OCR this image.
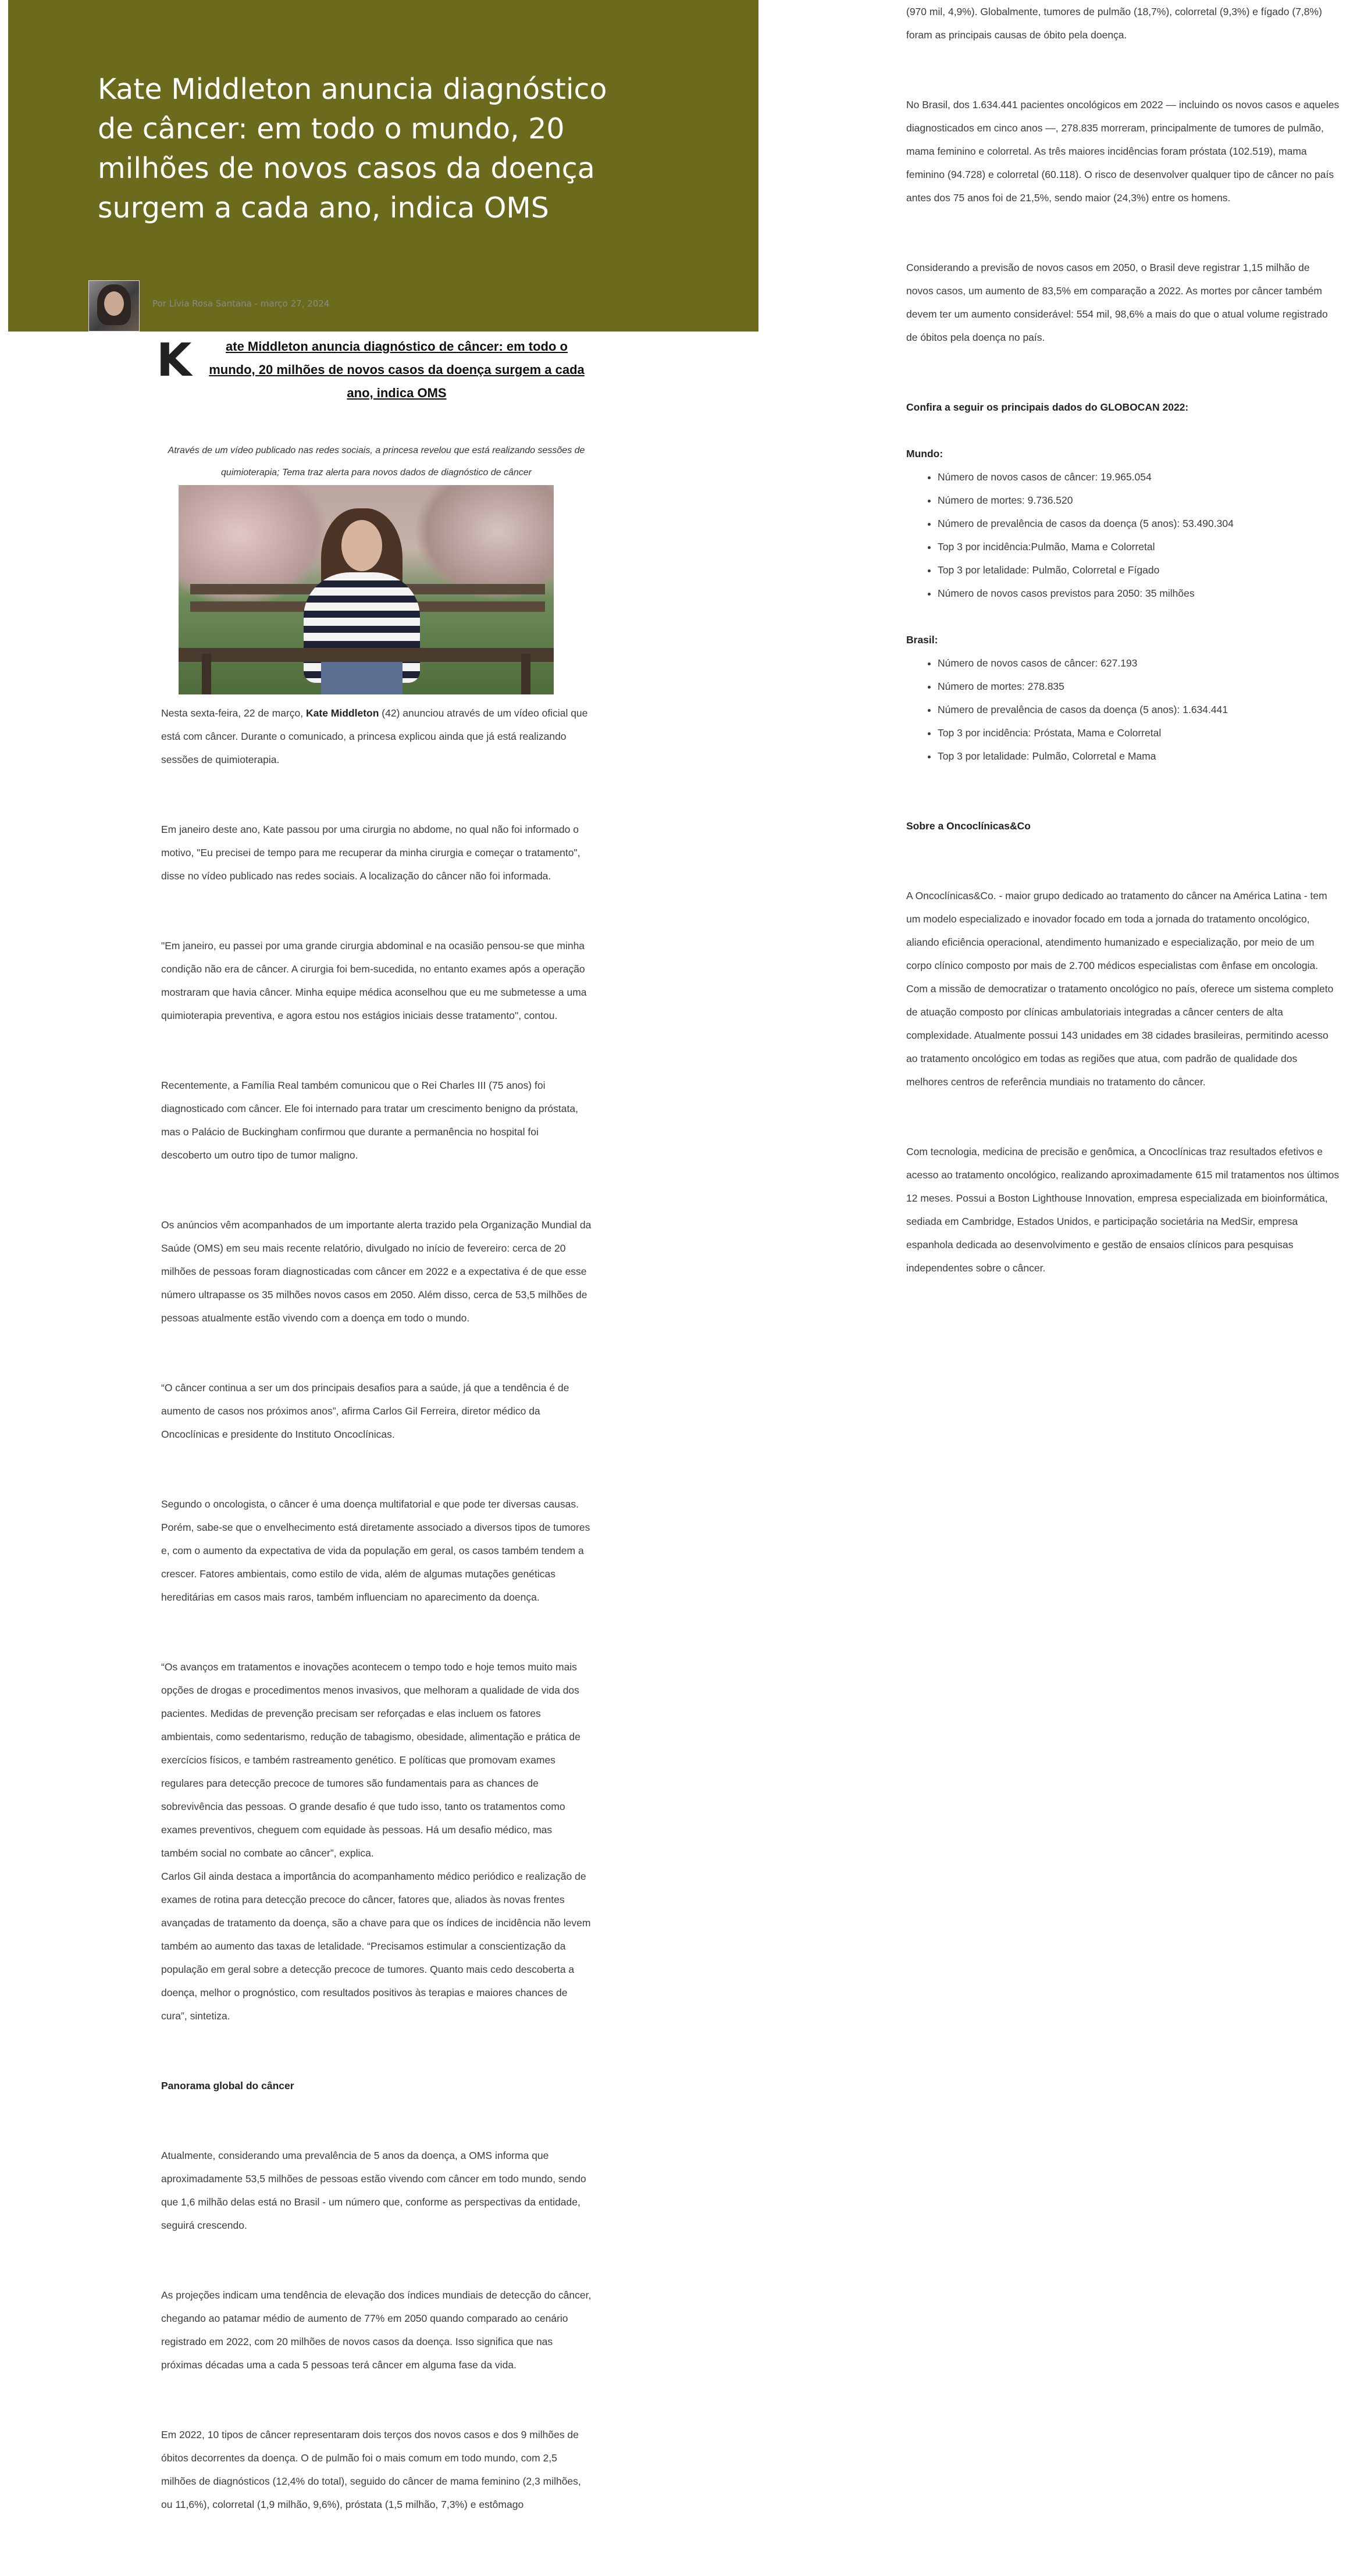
Kate Middleton anuncia diagnóstico de câncer: em todo o mundo, 20 milhões de novos casos da doença surgem a cada ano, indica OMS
Por Lívia Rosa Santana - março 27, 2024
K	ate Middleton anuncia diagnóstico de câncer: em todo o mundo, 20 milhões de novos casos da doença surgem a cada ano, indica OMS

Através de um vídeo publicado nas redes sociais, a princesa revelou que está realizando sessões de quimioterapia; Tema traz alerta para novos dados de diagnóstico de câncer

Nesta sexta-feira, 22 de março, Kate Middleton (42) anunciou através de um vídeo oficial que está com câncer. Durante o comunicado, a princesa explicou ainda que já está realizando sessões de quimioterapia.

Em janeiro deste ano, Kate passou por uma cirurgia no abdome, no qual não foi informado o motivo, "Eu precisei de tempo para me recuperar da minha cirurgia e começar o tratamento", disse no vídeo publicado nas redes sociais. A localização do câncer não foi informada.

"Em janeiro, eu passei por uma grande cirurgia abdominal e na ocasião pensou-se que minha condição não era de câncer. A cirurgia foi bem-sucedida, no entanto exames após a operação mostraram que havia câncer. Minha equipe médica aconselhou que eu me submetesse a uma quimioterapia preventiva, e agora estou nos estágios iniciais desse tratamento", contou.

Recentemente, a Família Real também comunicou que o Rei Charles III (75 anos) foi diagnosticado com câncer. Ele foi internado para tratar um crescimento benigno da próstata, mas o Palácio de Buckingham confirmou que durante a permanência no hospital foi descoberto um outro tipo de tumor maligno.

Os anúncios vêm acompanhados de um importante alerta trazido pela Organização Mundial da Saúde (OMS) em seu mais recente relatório, divulgado no início de fevereiro: cerca de 20 milhões de pessoas foram diagnosticadas com câncer em 2022 e a expectativa é de que esse número ultrapasse os 35 milhões novos casos em 2050. Além disso, cerca de 53,5 milhões de pessoas atualmente estão vivendo com a doença em todo o mundo.

“O câncer continua a ser um dos principais desafios para a saúde, já que a tendência é de aumento de casos nos próximos anos”, afirma Carlos Gil Ferreira, diretor médico da Oncoclínicas e presidente do Instituto Oncoclínicas.

Segundo o oncologista, o câncer é uma doença multifatorial e que pode ter diversas causas. Porém, sabe-se que o envelhecimento está diretamente associado a diversos tipos de tumores e, com o aumento da expectativa de vida da população em geral, os casos também tendem a crescer. Fatores ambientais, como estilo de vida, além de algumas mutações genéticas hereditárias em casos mais raros, também influenciam no aparecimento da doença.

“Os avanços em tratamentos e inovações acontecem o tempo todo e hoje temos muito mais opções de drogas e procedimentos menos invasivos, que melhoram a qualidade de vida dos pacientes. Medidas de prevenção precisam ser reforçadas e elas incluem os fatores ambientais, como sedentarismo, redução de tabagismo, obesidade, alimentação e prática de exercícios físicos, e também rastreamento genético. E políticas que promovam exames regulares para detecção precoce de tumores são fundamentais para as chances de sobrevivência das pessoas. O grande desafio é que tudo isso, tanto os tratamentos como exames preventivos, cheguem com equidade às pessoas. Há um desafio médico, mas também social no combate ao câncer”, explica.

Carlos Gil ainda destaca a importância do acompanhamento médico periódico e realização de exames de rotina para detecção precoce do câncer, fatores que, aliados às novas frentes avançadas de tratamento da doença, são a chave para que os índices de incidência não levem também ao aumento das taxas de letalidade. “Precisamos estimular a conscientização da população em geral sobre a detecção precoce de tumores. Quanto mais cedo descoberta a doença, melhor o prognóstico, com resultados positivos às terapias e maiores chances de cura”, sintetiza.

Panorama global do câncer

Atualmente, considerando uma prevalência de 5 anos da doença, a OMS informa que aproximadamente 53,5 milhões de pessoas estão vivendo com câncer em todo mundo, sendo que 1,6 milhão delas está no Brasil - um número que, conforme as perspectivas da entidade, seguirá crescendo.

As projeções indicam uma tendência de elevação dos índices mundiais de detecção do câncer, chegando ao patamar médio de aumento de 77% em 2050 quando comparado ao cenário registrado em 2022, com 20 milhões de novos casos da doença. Isso significa que nas próximas décadas uma a cada 5 pessoas terá câncer em alguma fase da vida.

Em 2022, 10 tipos de câncer representaram dois terços dos novos casos e dos 9 milhões de óbitos decorrentes da doença. O de pulmão foi o mais comum em todo mundo, com 2,5 milhões de diagnósticos (12,4% do total), seguido do câncer de mama feminino (2,3 milhões, ou 11,6%), colorretal (1,9 milhão, 9,6%), próstata (1,5 milhão, 7,3%) e estômago

(970 mil, 4,9%). Globalmente, tumores de pulmão (18,7%), colorretal (9,3%) e fígado (7,8%) foram as principais causas de óbito pela doença.

No Brasil, dos 1.634.441 pacientes oncológicos em 2022 — incluindo os novos casos e aqueles diagnosticados em cinco anos —, 278.835 morreram, principalmente de tumores de pulmão, mama feminino e colorretal. As três maiores incidências foram próstata (102.519), mama feminino (94.728) e colorretal (60.118). O risco de desenvolver qualquer tipo de câncer no país antes dos 75 anos foi de 21,5%, sendo maior (24,3%) entre os homens.

Considerando a previsão de novos casos em 2050, o Brasil deve registrar 1,15 milhão de novos casos, um aumento de 83,5% em comparação a 2022. As mortes por câncer também devem ter um aumento considerável: 554 mil, 98,6% a mais do que o atual volume registrado de óbitos pela doença no país.

Confira a seguir os principais dados do GLOBOCAN 2022:

Mundo:

• Número de novos casos de câncer: 19.965.054
• Número de mortes: 9.736.520
• Número de prevalência de casos da doença (5 anos): 53.490.304
• Top 3 por incidência:Pulmão, Mama e Colorretal
• Top 3 por letalidade: Pulmão, Colorretal e Fígado
• Número de novos casos previstos para 2050: 35 milhões

Brasil:

• Número de novos casos de câncer: 627.193
• Número de mortes: 278.835
• Número de prevalência de casos da doença (5 anos): 1.634.441
• Top 3 por incidência: Próstata, Mama e Colorretal
• Top 3 por letalidade: Pulmão, Colorretal e Mama

Sobre a Oncoclínicas&Co

A Oncoclínicas&Co. - maior grupo dedicado ao tratamento do câncer na América Latina - tem um modelo especializado e inovador focado em toda a jornada do tratamento oncológico, aliando eficiência operacional, atendimento humanizado e especialização, por meio de um corpo clínico composto por mais de 2.700 médicos especialistas com ênfase em oncologia. Com a missão de democratizar o tratamento oncológico no país, oferece um sistema completo de atuação composto por clínicas ambulatoriais integradas a câncer centers de alta complexidade. Atualmente possui 143 unidades em 38 cidades brasileiras, permitindo acesso ao tratamento oncológico em todas as regiões que atua, com padrão de qualidade dos melhores centros de referência mundiais no tratamento do câncer.

Com tecnologia, medicina de precisão e genômica, a Oncoclínicas traz resultados efetivos e acesso ao tratamento oncológico, realizando aproximadamente 615 mil tratamentos nos últimos 12 meses. Possui a Boston Lighthouse Innovation, empresa especializada em bioinformática, sediada em Cambridge, Estados Unidos, e participação societária na MedSir, empresa espanhola dedicada ao desenvolvimento e gestão de ensaios clínicos para pesquisas independentes sobre o câncer.
